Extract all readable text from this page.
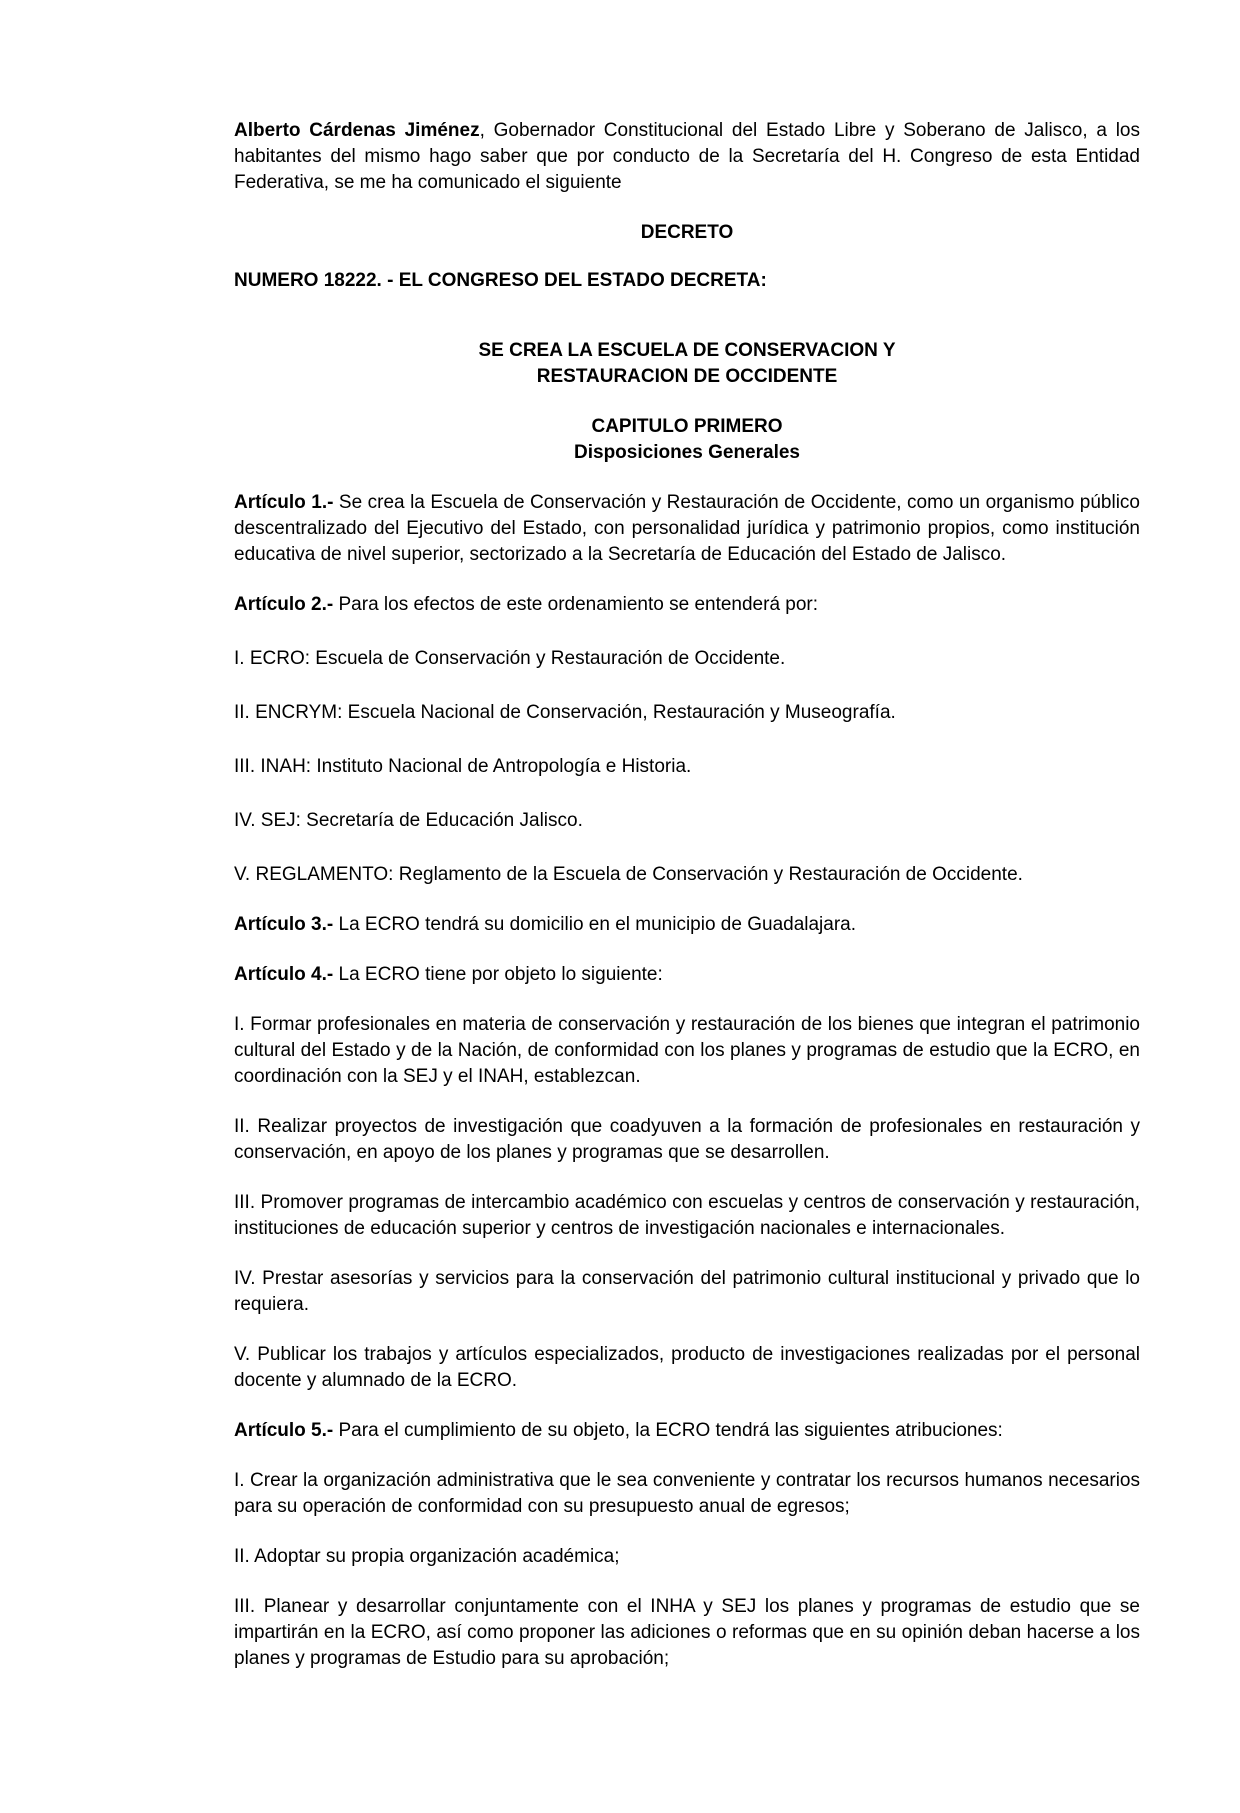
Alberto Cárdenas Jiménez, Gobernador Constitucional del Estado Libre y Soberano de Jalisco, a los habitantes del mismo hago saber que por conducto de la Secretaría del H. Congreso de esta Entidad Federativa, se me ha comunicado el siguiente

DECRETO

NUMERO 18222. - EL CONGRESO DEL ESTADO DECRETA:

SE CREA LA ESCUELA DE CONSERVACION Y

RESTAURACION DE OCCIDENTE

CAPITULO PRIMERO

Disposiciones Generales

Artículo 1.- Se crea la Escuela de Conservación y Restauración de Occidente, como un organismo público descentralizado del Ejecutivo del Estado, con personalidad jurídica y patrimonio propios, como institución educativa de nivel superior, sectorizado a la Secretaría de Educación del Estado de Jalisco.

Artículo 2.- Para los efectos de este ordenamiento se entenderá por:

I. ECRO: Escuela de Conservación y Restauración de Occidente.

II. ENCRYM: Escuela Nacional de Conservación, Restauración y Museografía.

III. INAH: Instituto Nacional de Antropología e Historia.

IV. SEJ: Secretaría de Educación Jalisco.

V. REGLAMENTO: Reglamento de la Escuela de Conservación y Restauración de Occidente.

Artículo 3.- La ECRO tendrá su domicilio en el municipio de Guadalajara.

Artículo 4.- La ECRO tiene por objeto lo siguiente:

I. Formar profesionales en materia de conservación y restauración de los bienes que integran el patrimonio cultural del Estado y de la Nación, de conformidad con los planes y programas de estudio que la ECRO, en coordinación con la SEJ y el INAH, establezcan.

II. Realizar proyectos de investigación que coadyuven a la formación de profesionales en restauración y conservación, en apoyo de los planes y programas que se desarrollen.

III. Promover programas de intercambio académico con escuelas y centros de conservación y restauración, instituciones de educación superior y centros de investigación nacionales e internacionales.

IV. Prestar asesorías y servicios para la conservación del patrimonio cultural institucional y privado que lo requiera.

V. Publicar los trabajos y artículos especializados, producto de investigaciones realizadas por el personal docente y alumnado de la ECRO.

Artículo 5.- Para el cumplimiento de su objeto, la ECRO tendrá las siguientes atribuciones:

I. Crear la organización administrativa que le sea conveniente y contratar los recursos humanos necesarios para su operación de conformidad con su presupuesto anual de egresos;

II. Adoptar su propia organización académica;

III. Planear y desarrollar conjuntamente con el INHA y SEJ los planes y programas de estudio que se impartirán en la ECRO, así como proponer las adiciones o reformas que en su opinión deban hacerse a los planes y programas de Estudio para su aprobación;
